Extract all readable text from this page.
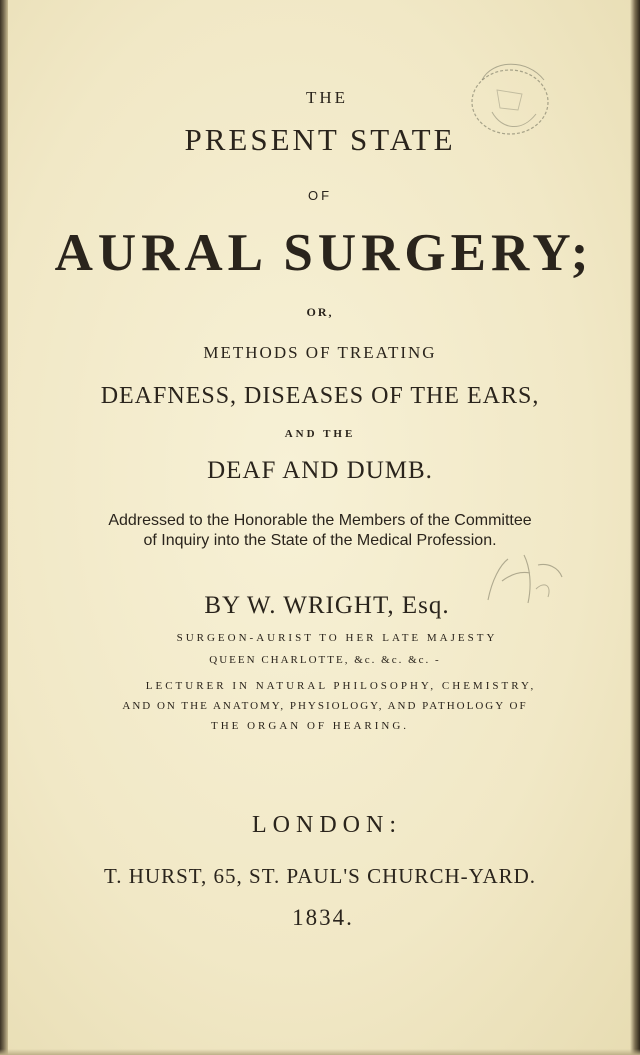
THE
PRESENT STATE
OF
AURAL SURGERY;
OR,
METHODS OF TREATING
DEAFNESS, DISEASES OF THE EARS,
AND THE
DEAF AND DUMB.
Addressed to the Honorable the Members of the Committee
of Inquiry into the State of the Medical Profession.
BY W. WRIGHT, Esq.
SURGEON-AURIST TO HER LATE MAJESTY
QUEEN CHARLOTTE, &c. &c. &c. -
LECTURER IN NATURAL PHILOSOPHY, CHEMISTRY,
AND ON THE ANATOMY, PHYSIOLOGY, AND PATHOLOGY OF
THE ORGAN OF HEARING.
LONDON:
T. HURST, 65, ST. PAUL'S CHURCH-YARD.
1834.
